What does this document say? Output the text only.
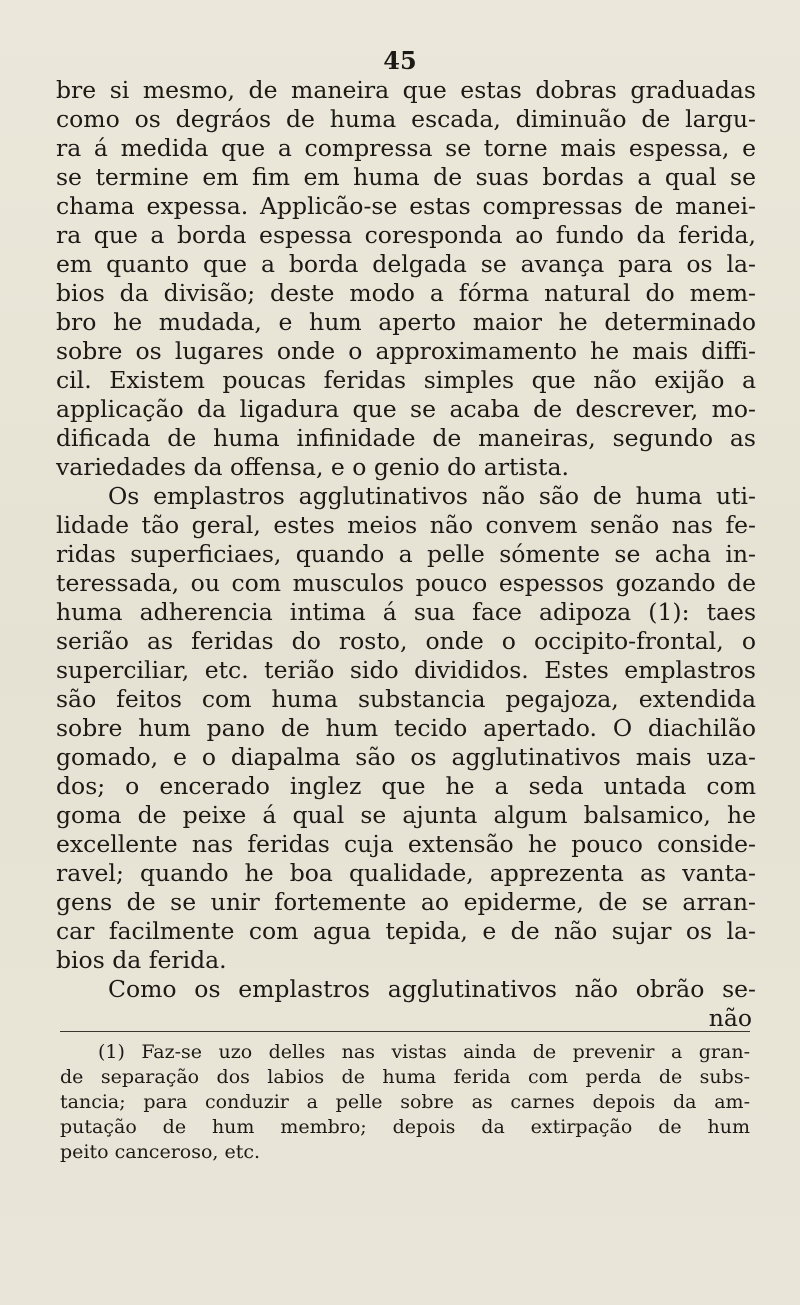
45
bre si mesmo, de maneira que estas dobras graduadas
como os degráos de huma escada, diminuão de largu-
ra á medida que a compressa se torne mais espessa, e
se termine em fim em huma de suas bordas a qual se
chama expessa. Applicão-se estas compressas de manei-
ra que a borda espessa coresponda ao fundo da ferida,
em quanto que a borda delgada se avança para os la-
bios da divisão; deste modo a fórma natural do mem-
bro he mudada, e hum aperto maior he determinado
sobre os lugares onde o approximamento he mais diffi-
cil. Existem poucas feridas simples que não exijão a
applicação da ligadura que se acaba de descrever, mo-
dificada de huma infinidade de maneiras, segundo as
variedades da offensa, e o genio do artista.
Os emplastros agglutinativos não são de huma uti-
lidade tão geral, estes meios não convem senão nas fe-
ridas superficiaes, quando a pelle sómente se acha in-
teressada, ou com musculos pouco espessos gozando de
huma adherencia intima á sua face adipoza (1): taes
serião as feridas do rosto, onde o occipito-frontal, o
superciliar, etc. terião sido divididos. Estes emplastros
são feitos com huma substancia pegajoza, extendida
sobre hum pano de hum tecido apertado. O diachilão
gomado, e o diapalma são os agglutinativos mais uza-
dos; o encerado inglez que he a seda untada com
goma de peixe á qual se ajunta algum balsamico, he
excellente nas feridas cuja extensão he pouco conside-
ravel; quando he boa qualidade, apprezenta as vanta-
gens de se unir fortemente ao epiderme, de se arran-
car facilmente com agua tepida, e de não sujar os la-
bios da ferida.
Como os emplastros agglutinativos não obrão se-
não
(1) Faz-se uzo delles nas vistas ainda de prevenir a gran-
de separação dos labios de huma ferida com perda de subs-
tancia; para conduzir a pelle sobre as carnes depois da am-
putação de hum membro; depois da extirpação de hum
peito canceroso, etc.
